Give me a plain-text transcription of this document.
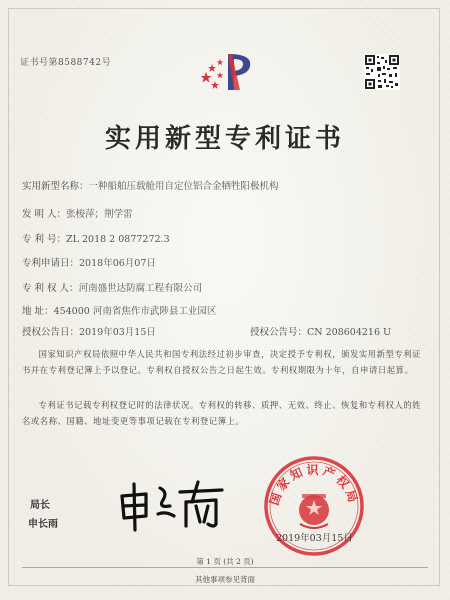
证书号第8588742号
实用新型专利证书
实用新型名称：一种船舶压载舱用自定位铝合金牺牲阳极机构
发 明 人：张梭萍；荆学雷
专 利 号：ZL 2018 2 0877272.3
专利申请日：2018年06月07日
专 利 权 人：河南盛世达防腐工程有限公司
地 址：454000 河南省焦作市武陟县工业园区
授权公告日：2019年03月15日	授权公告号：CN 208604216 U
国家知识产权局依照中华人民共和国专利法经过初步审查，决定授予专利权，颁发实用新型专利证书并在专利登记簿上予以登记。专利权自授权公告之日起生效。专利权期限为十年，自申请日起算。
专利证书记载专利权登记时的法律状况。专利权的转移、质押、无效、终止、恢复和专利权人的姓名或名称、国籍、地址变更等事项记载在专利登记簿上。
局长
申长雨
国家知识产权局
2019年03月15日
第 1 页 (共 2 页)
其他事项参见背面
